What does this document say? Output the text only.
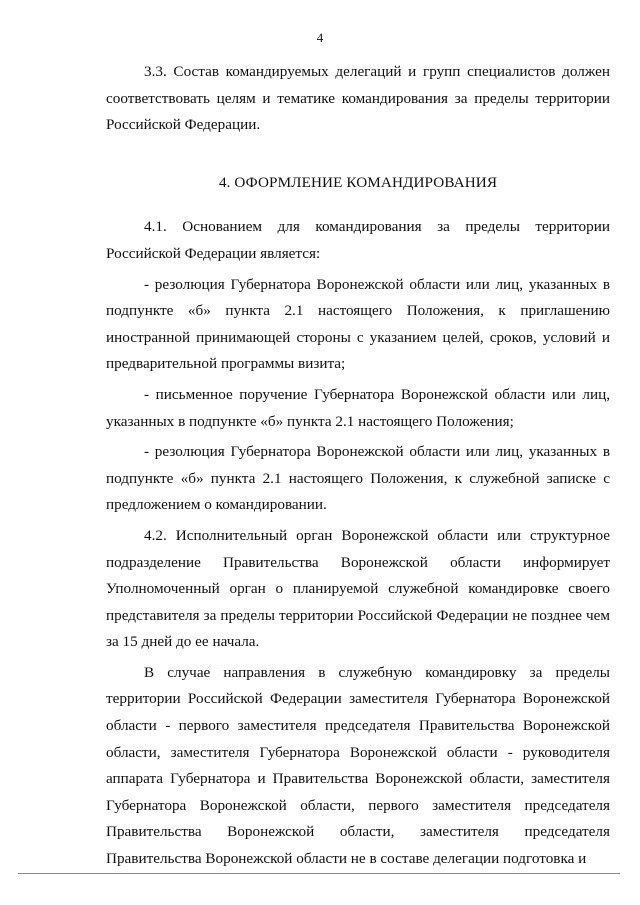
4

3.3. Состав командируемых делегаций и групп специалистов должен соответствовать целям и тематике командирования за пределы территории Российской Федерации.

4. ОФОРМЛЕНИЕ КОМАНДИРОВАНИЯ

4.1. Основанием для командирования за пределы территории Российской Федерации является:

- резолюция Губернатора Воронежской области или лиц, указанных в подпункте «б» пункта 2.1 настоящего Положения, к приглашению иностранной принимающей стороны с указанием целей, сроков, условий и предварительной программы визита;

- письменное поручение Губернатора Воронежской области или лиц, указанных в подпункте «б» пункта 2.1 настоящего Положения;

- резолюция Губернатора Воронежской области или лиц, указанных в подпункте «б» пункта 2.1 настоящего Положения, к служебной записке с предложением о командировании.

4.2. Исполнительный орган Воронежской области или структурное подразделение Правительства Воронежской области информирует Уполномоченный орган о планируемой служебной командировке своего представителя за пределы территории Российской Федерации не позднее чем за 15 дней до ее начала.

В случае направления в служебную командировку за пределы территории Российской Федерации заместителя Губернатора Воронежской области - первого заместителя председателя Правительства Воронежской области, заместителя Губернатора Воронежской области - руководителя аппарата Губернатора и Правительства Воронежской области, заместителя Губернатора Воронежской области, первого заместителя председателя Правительства Воронежской области, заместителя председателя Правительства Воронежской области не в составе делегации подготовка и
